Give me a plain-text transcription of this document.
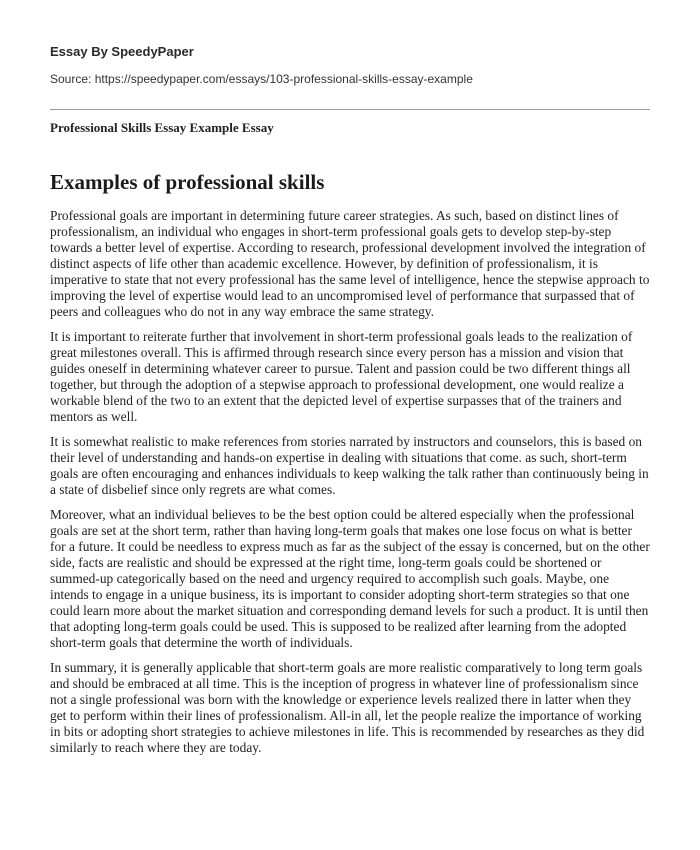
Essay By SpeedyPaper
Source: https://speedypaper.com/essays/103-professional-skills-essay-example
Professional Skills Essay Example Essay
Examples of professional skills

Professional goals are important in determining future career strategies. As such, based on distinct lines of professionalism, an individual who engages in short-term professional goals gets to develop step-by-step towards a better level of expertise. According to research, professional development involved the integration of distinct aspects of life other than academic excellence. However, by definition of professionalism, it is imperative to state that not every professional has the same level of intelligence, hence the stepwise approach to improving the level of expertise would lead to an uncompromised level of performance that surpassed that of peers and colleagues who do not in any way embrace the same strategy.

It is important to reiterate further that involvement in short-term professional goals leads to the realization of great milestones overall. This is affirmed through research since every person has a mission and vision that guides oneself in determining whatever career to pursue. Talent and passion could be two different things all together, but through the adoption of a stepwise approach to professional development, one would realize a workable blend of the two to an extent that the depicted level of expertise surpasses that of the trainers and mentors as well.

It is somewhat realistic to make references from stories narrated by instructors and counselors, this is based on their level of understanding and hands-on expertise in dealing with situations that come. as such, short-term goals are often encouraging and enhances individuals to keep walking the talk rather than continuously being in a state of disbelief since only regrets are what comes.

Moreover, what an individual believes to be the best option could be altered especially when the professional goals are set at the short term, rather than having long-term goals that makes one lose focus on what is better for a future. It could be needless to express much as far as the subject of the essay is concerned, but on the other side, facts are realistic and should be expressed at the right time, long-term goals could be shortened or summed-up categorically based on the need and urgency required to accomplish such goals. Maybe, one intends to engage in a unique business, its is important to consider adopting short-term strategies so that one could learn more about the market situation and corresponding demand levels for such a product. It is until then that adopting long-term goals could be used. This is supposed to be realized after learning from the adopted short-term goals that determine the worth of individuals.

In summary, it is generally applicable that short-term goals are more realistic comparatively to long term goals and should be embraced at all time. This is the inception of progress in whatever line of professionalism since not a single professional was born with the knowledge or experience levels realized there in latter when they get to perform within their lines of professionalism. All-in all, let the people realize the importance of working in bits or adopting short strategies to achieve milestones in life. This is recommended by researches as they did similarly to reach where they are today.
